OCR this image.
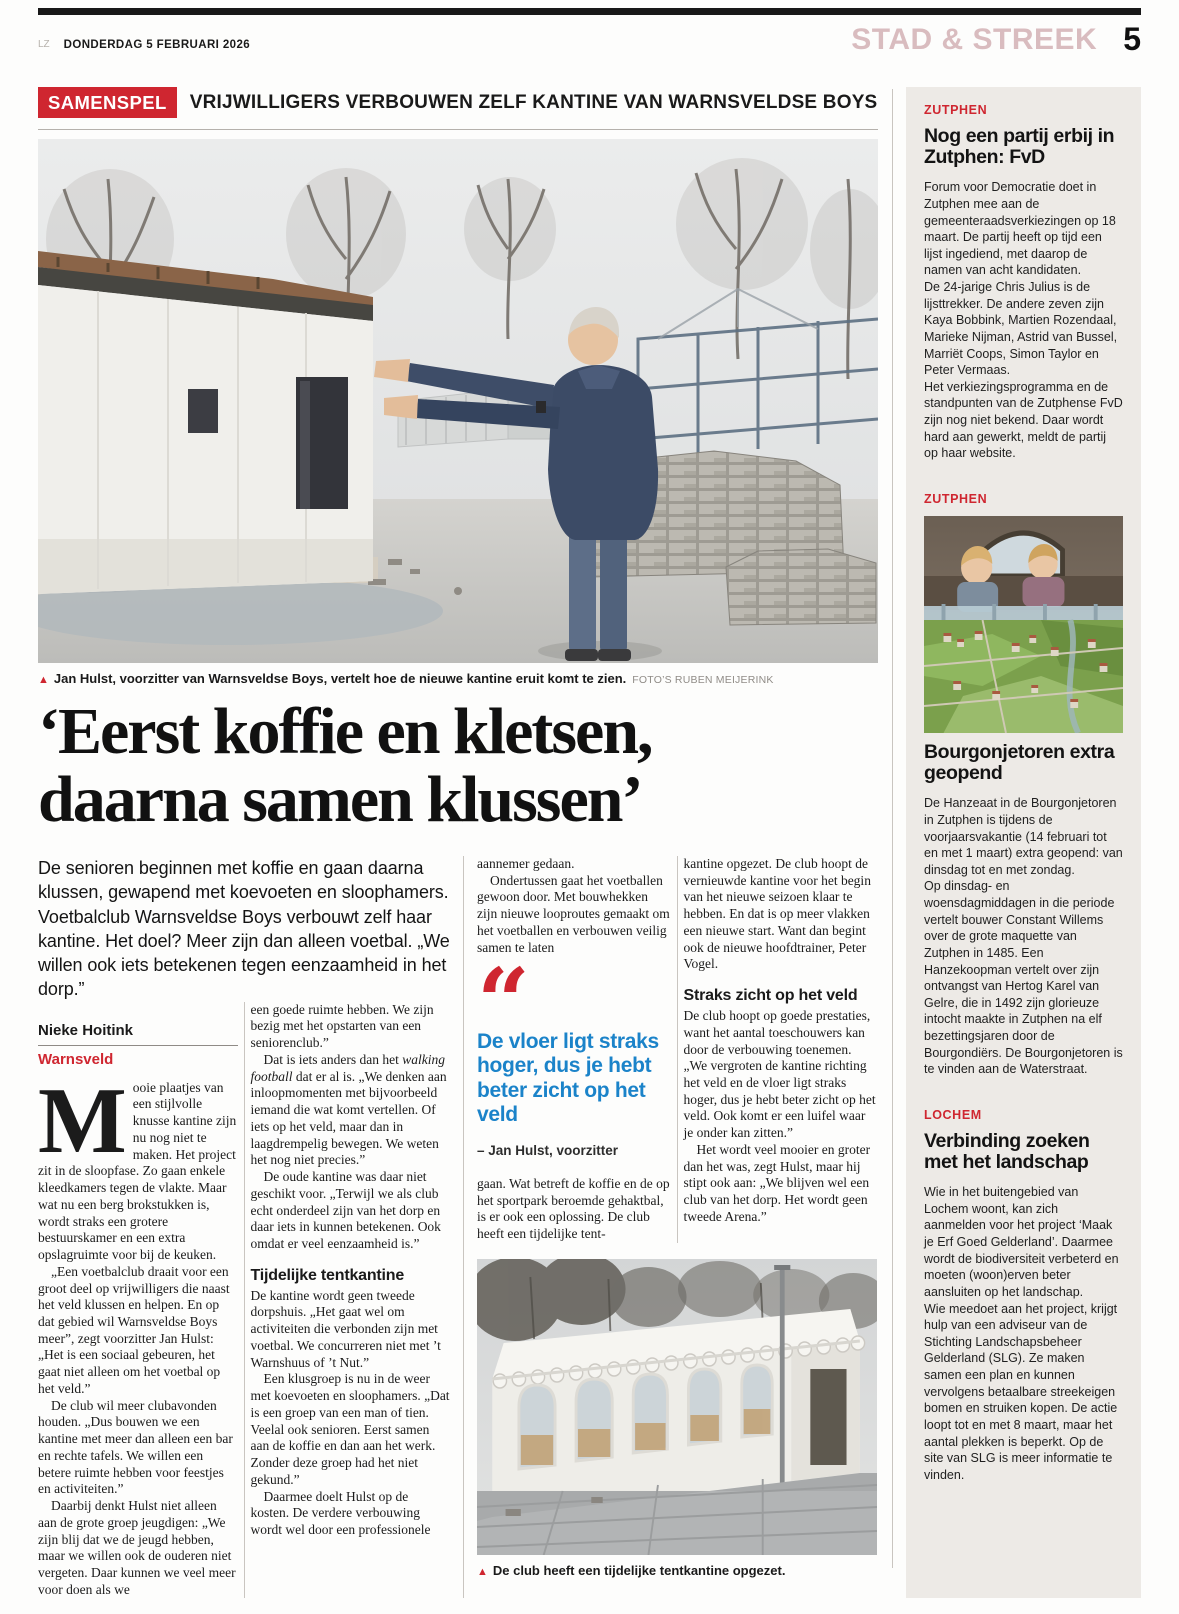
LZ DONDERDAG 5 FEBRUARI 2026	STAD & STREEK 5
SAMENSPEL	VRIJWILLIGERS VERBOUWEN ZELF KANTINE VAN WARNSVELDSE BOYS
▲ Jan Hulst, voorzitter van Warnsveldse Boys, vertelt hoe de nieuwe kantine eruit komt te zien. FOTO’S RUBEN MEIJERINK
‘Eerst koffie en kletsen,
daarna samen klussen’
De senioren beginnen met koffie en gaan daarna klussen, gewapend met koevoeten en sloophamers. Voetbalclub Warnsveldse Boys verbouwt zelf haar kantine. Het doel? Meer zijn dan alleen voetbal. „We willen ook iets betekenen tegen eenzaamheid in het dorp.”
Nieke Hoitink
Warnsveld

Mooie plaatjes van een stijlvolle knusse kantine zijn nu nog niet te maken. Het project zit in de sloopfase. Zo gaan enkele kleedkamers tegen de vlakte. Maar wat nu een berg brokstukken is, wordt straks een grotere bestuurskamer en een extra opslagruimte voor bij de keuken.

„Een voetbalclub draait voor een groot deel op vrijwilligers die naast het veld klussen en helpen. En op dat gebied wil Warnsveldse Boys meer”, zegt voorzitter Jan Hulst: „Het is een sociaal gebeuren, het gaat niet alleen om het voetbal op het veld.”

De club wil meer clubavonden houden. „Dus bouwen we een kantine met meer dan alleen een bar en rechte tafels. We willen een betere ruimte hebben voor feestjes en activiteiten.”

Daarbij denkt Hulst niet alleen aan de grote groep jeugdigen: „We zijn blij dat we de jeugd hebben, maar we willen ook de ouderen niet vergeten. Daar kunnen we veel meer voor doen als we

een goede ruimte hebben. We zijn bezig met het opstarten van een seniorenclub.”

Dat is iets anders dan het walking football dat er al is. „We denken aan inloopmomenten met bijvoorbeeld iemand die wat komt vertellen. Of iets op het veld, maar dan in laagdrempelig bewegen. We weten het nog niet precies.”

De oude kantine was daar niet geschikt voor. „Terwijl we als club echt onderdeel zijn van het dorp en daar iets in kunnen betekenen. Ook omdat er veel eenzaamheid is.”

Tijdelijke tentkantine

De kantine wordt geen tweede dorpshuis. „Het gaat wel om activiteiten die verbonden zijn met voetbal. We concurreren niet met ’t Warnshuus of ’t Nut.”

Een klusgroep is nu in de weer met koevoeten en sloophamers. „Dat is een groep van een man of tien. Veelal ook senioren. Eerst samen aan de koffie en dan aan het werk. Zonder deze groep had het niet gekund.”

Daarmee doelt Hulst op de kosten. De verdere verbouwing wordt wel door een professionele

aannemer gedaan.

Ondertussen gaat het voetballen gewoon door. Met bouwhekken zijn nieuwe looproutes gemaakt om het voetballen en verbouwen veilig samen te laten

“
De vloer ligt straks hoger, dus je hebt beter zicht op het veld
– Jan Hulst, voorzitter

gaan. Wat betreft de koffie en de op het sportpark beroemde gehaktbal, is er ook een oplossing. De club heeft een tijdelijke tent-

kantine opgezet. De club hoopt de vernieuwde kantine voor het begin van het nieuwe seizoen klaar te hebben. En dat is op meer vlakken een nieuwe start. Want dan begint ook de nieuwe hoofdtrainer, Peter Vogel.

Straks zicht op het veld

De club hoopt op goede prestaties, want het aantal toeschouwers kan door de verbouwing toenemen. „We vergroten de kantine richting het veld en de vloer ligt straks hoger, dus je hebt beter zicht op het veld. Ook komt er een luifel waar je onder kan zitten.”

Het wordt veel mooier en groter dan het was, zegt Hulst, maar hij stipt ook aan: „We blijven wel een club van het dorp. Het wordt geen tweede Arena.”

▲ De club heeft een tijdelijke tentkantine opgezet.
ZUTPHEN
Nog een partij erbij in Zutphen: FvD

Forum voor Democratie doet in Zutphen mee aan de gemeenteraadsverkiezingen op 18 maart. De partij heeft op tijd een lijst ingediend, met daarop de namen van acht kandidaten.

De 24-jarige Chris Julius is de lijsttrekker. De andere zeven zijn Kaya Bobbink, Martien Rozendaal, Marieke Nijman, Astrid van Bussel, Marriët Coops, Simon Taylor en Peter Vermaas.

Het verkiezingsprogramma en de standpunten van de Zutphense FvD zijn nog niet bekend. Daar wordt hard aan gewerkt, meldt de partij op haar website.

ZUTPHEN
Bourgonjetoren extra geopend

De Hanzeaat in de Bourgonjetoren in Zutphen is tijdens de voorjaarsvakantie (14 februari tot en met 1 maart) extra geopend: van dinsdag tot en met zondag.

Op dinsdag- en woensdagmiddagen in die periode vertelt bouwer Constant Willems over de grote maquette van Zutphen in 1485. Een Hanzekoopman vertelt over zijn ontvangst van Hertog Karel van Gelre, die in 1492 zijn glorieuze intocht maakte in Zutphen na elf bezettingsjaren door de Bourgondiërs. De Bourgonjetoren is te vinden aan de Waterstraat.

LOCHEM
Verbinding zoeken met het landschap

Wie in het buitengebied van Lochem woont, kan zich aanmelden voor het project ‘Maak je Erf Goed Gelderland’. Daarmee wordt de biodiversiteit verbeterd en moeten (woon)erven beter aansluiten op het landschap.

Wie meedoet aan het project, krijgt hulp van een adviseur van de Stichting Landschapsbeheer Gelderland (SLG). Ze maken samen een plan en kunnen vervolgens betaalbare streekeigen bomen en struiken kopen. De actie loopt tot en met 8 maart, maar het aantal plekken is beperkt. Op de site van SLG is meer informatie te vinden.
